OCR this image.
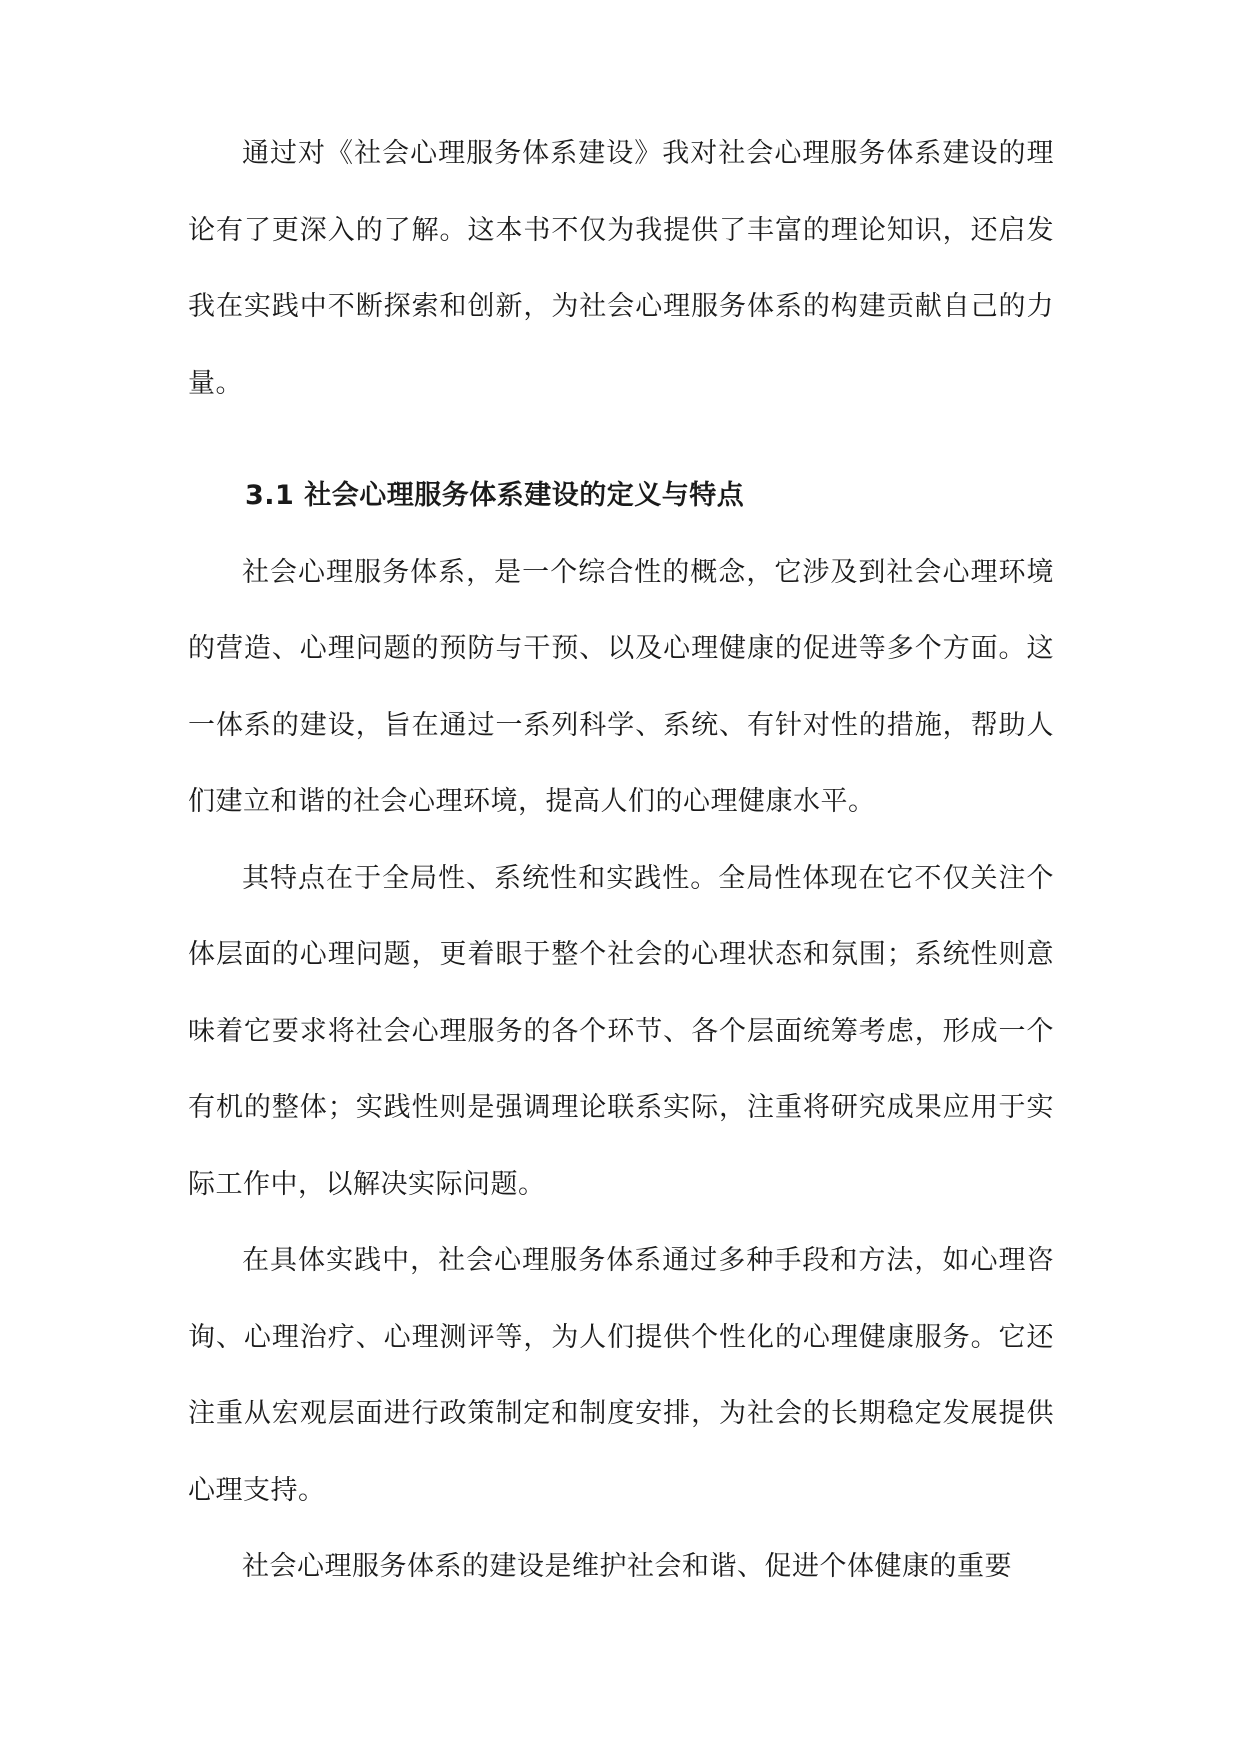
通过对《社会心理服务体系建设》我对社会心理服务体系建设的理论有了更深入的了解。这本书不仅为我提供了丰富的理论知识，还启发我在实践中不断探索和创新，为社会心理服务体系的构建贡献自己的力量。

3.1 社会心理服务体系建设的定义与特点

社会心理服务体系，是一个综合性的概念，它涉及到社会心理环境的营造、心理问题的预防与干预、以及心理健康的促进等多个方面。这一体系的建设，旨在通过一系列科学、系统、有针对性的措施，帮助人们建立和谐的社会心理环境，提高人们的心理健康水平。

其特点在于全局性、系统性和实践性。全局性体现在它不仅关注个体层面的心理问题，更着眼于整个社会的心理状态和氛围；系统性则意味着它要求将社会心理服务的各个环节、各个层面统筹考虑，形成一个有机的整体；实践性则是强调理论联系实际，注重将研究成果应用于实际工作中，以解决实际问题。

在具体实践中，社会心理服务体系通过多种手段和方法，如心理咨询、心理治疗、心理测评等，为人们提供个性化的心理健康服务。它还注重从宏观层面进行政策制定和制度安排，为社会的长期稳定发展提供心理支持。

社会心理服务体系的建设是维护社会和谐、促进个体健康的重要
